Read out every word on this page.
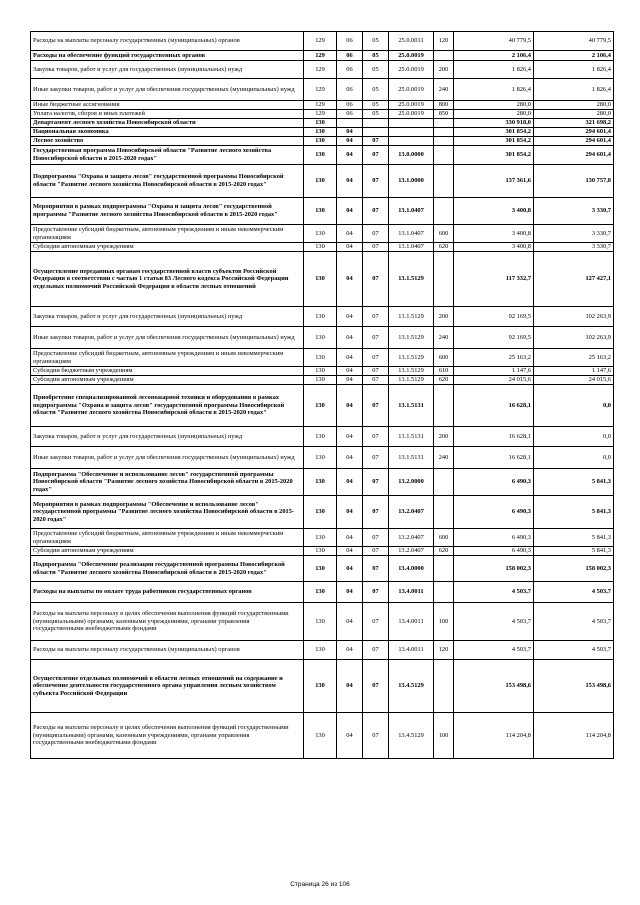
Расходы на выплаты персоналу государственных (муниципальных) органов	129	06	05	25.0.0011	120	40 779,5	40 779,5
Расходы на обеспечение функций государственных органов	129	06	05	25.0.0019		2 106,4	2 106,4
Закупка товаров, работ и услуг для государственных (муниципальных) нужд	129	06	05	25.0.0019	200	1 826,4	1 826,4
Иные закупки товаров, работ и услуг для обеспечения государственных (муниципальных) нужд	129	06	05	25.0.0019	240	1 826,4	1 826,4
Иные бюджетные ассигнования	129	06	05	25.0.0019	800	280,0	280,0
Уплата налогов, сборов и иных платежей	129	06	05	25.0.0019	850	280,0	280,0
Департамент лесного хозяйства Новосибирской области	130					330 918,0	321 698,2
Национальная экономика	130	04				301 854,2	294 601,4
Лесное хозяйство	130	04	07			301 854,2	294 601,4
Государственная программа Новосибирской области "Развитие лесного хозяйства Новосибирской области в 2015-2020 годах"	130	04	07	13.0.0000		301 854,2	294 601,4
Подпрограмма "Охрана и защита лесов" государственной программы Новосибирской области "Развитие лесного хозяйства Новосибирской области в 2015-2020 годах"	130	04	07	13.1.0000		137 361,6	130 757,8
Мероприятия в рамках подпрограммы "Охрана и защита лесов" государственной программы "Развитие лесного хозяйства Новосибирской области в 2015-2020 годах"	130	04	07	13.1.0407		3 400,8	3 330,7
Предоставление субсидий бюджетным, автономным учреждениям и иным некоммерческим организациям	130	04	07	13.1.0407	600	3 400,8	3 330,7
Субсидии автономным учреждениям	130	04	07	13.1.0407	620	3 400,8	3 330,7
Осуществление переданных органам государственной власти субъектов Российской Федерации в соответствии с частью 1 статьи 83 Лесного кодекса Российской Федерации отдельных полномочий Российской Федерации в области лесных отношений	130	04	07	13.1.5129		117 332,7	127 427,1
Закупка товаров, работ и услуг для государственных (муниципальных) нужд	130	04	07	13.1.5129	200	92 169,5	102 263,9
Иные закупки товаров, работ и услуг для обеспечения государственных (муниципальных) нужд	130	04	07	13.1.5129	240	92 169,5	102 263,9
Предоставление субсидий бюджетным, автономным учреждениям и иным некоммерческим организациям	130	04	07	13.1.5129	600	25 163,2	25 163,2
Субсидии бюджетным учреждениям	130	04	07	13.1.5129	610	1 147,6	1 147,6
Субсидии автономным учреждениям	130	04	07	13.1.5129	620	24 015,6	24 015,6
Приобретение специализированной лесопожарной техники и оборудования в рамках подпрограммы "Охрана и защита лесов" государственной программы Новосибирской области "Развитие лесного хозяйства Новосибирской области в 2015-2020 годах"	130	04	07	13.1.5131		16 628,1	0,0
Закупка товаров, работ и услуг для государственных (муниципальных) нужд	130	04	07	13.1.5131	200	16 628,1	0,0
Иные закупки товаров, работ и услуг для обеспечения государственных (муниципальных) нужд	130	04	07	13.1.5131	240	16 628,1	0,0
Подпрограмма "Обеспечение и использование лесов" государственной программы Новосибирской области "Развитие лесного хозяйства Новосибирской области в 2015-2020 годах"	130	04	07	13.2.0000		6 490,3	5 841,3
Мероприятия в рамках подпрограммы "Обеспечение и использование лесов" государственной программы "Развитие лесного хозяйства Новосибирской области в 2015-2020 годах"	130	04	07	13.2.0407		6 490,3	5 841,3
Предоставление субсидий бюджетным, автономным учреждениям и иным некоммерческим организациям	130	04	07	13.2.0407	600	6 490,3	5 841,3
Субсидии автономным учреждениям	130	04	07	13.2.0407	620	6 490,3	5 841,3
Подпрограмма "Обеспечение реализации государственной программы Новосибирской области "Развитие лесного хозяйства Новосибирской области в 2015-2020 годах"	130	04	07	13.4.0000		158 002,3	158 002,3
Расходы на выплаты по оплате труда работников государственных органов	130	04	07	13.4.0011		4 503,7	4 503,7
Расходы на выплаты персоналу в целях обеспечения выполнения функций государственными (муниципальными) органами, казенными учреждениями, органами управления государственными внебюджетными фондами	130	04	07	13.4.0011	100	4 503,7	4 503,7
Расходы на выплаты персоналу государственных (муниципальных) органов	130	04	07	13.4.0011	120	4 503,7	4 503,7
Осуществление отдельных полномочий в области лесных отношений на содержание и обеспечение деятельности государственного органа управления лесным хозяйством субъекта Российской Федерации	130	04	07	13.4.5129		153 498,6	153 498,6
Расходы на выплаты персоналу в целях обеспечения выполнения функций государственными (муниципальными) органами, казенными учреждениями, органами управления государственными внебюджетными фондами	130	04	07	13.4.5129	100	114 204,8	114 204,8
Страница 26 из 106
